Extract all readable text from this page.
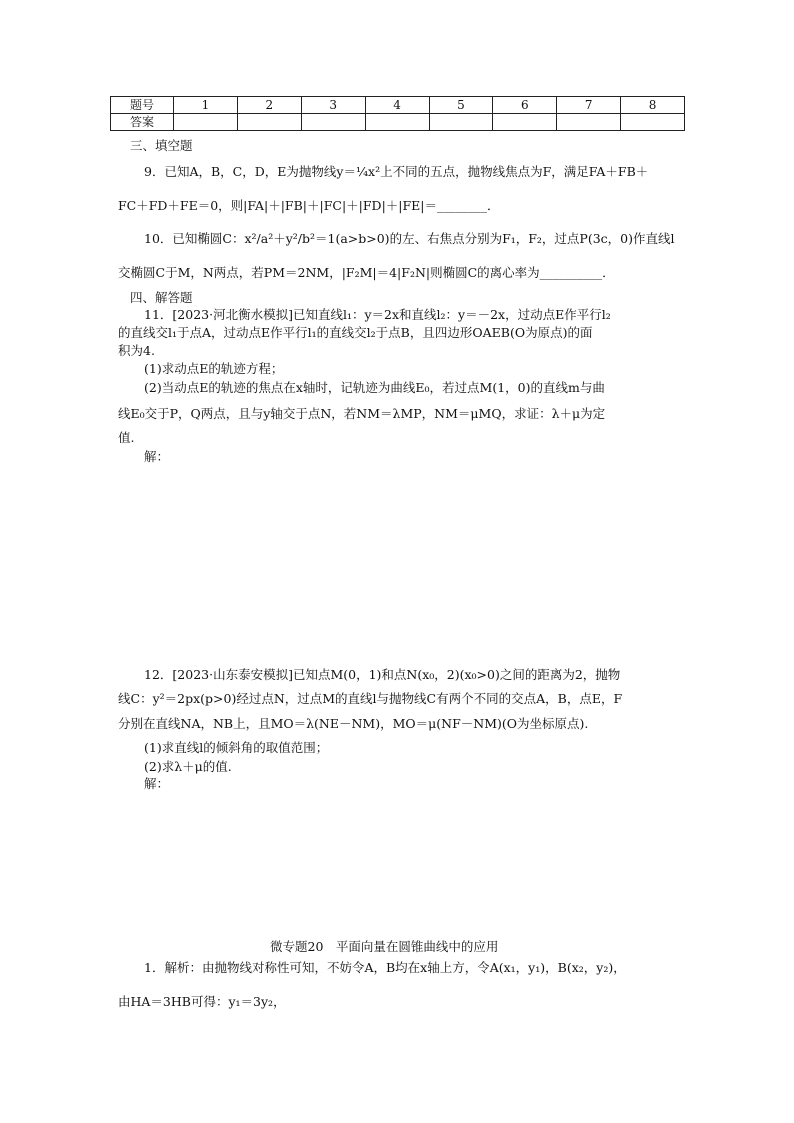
题号	1	2	3	4	5	6	7	8
答案								
三、填空题
9．已知A，B，C，D，E为抛物线y＝¼x²上不同的五点，抛物线焦点为F，满足FA＋FB＋
FC＋FD＋FE＝0，则|FA|＋|FB|＋|FC|＋|FD|＋|FE|＝________．
10．已知椭圆C：x²/a²＋y²/b²＝1(a>b>0)的左、右焦点分别为F₁，F₂，过点P(3c，0)作直线l
交椭圆C于M，N两点，若PM＝2NM，|F₂M|＝4|F₂N|则椭圆C的离心率为__________．
四、解答题
11．[2023·河北衡水模拟]已知直线l₁：y＝2x和直线l₂：y＝－2x，过动点E作平行l₂
的直线交l₁于点A，过动点E作平行l₁的直线交l₂于点B，且四边形OAEB(O为原点)的面
积为4.
(1)求动点E的轨迹方程；
(2)当动点E的轨迹的焦点在x轴时，记轨迹为曲线E₀，若过点M(1，0)的直线m与曲
线E₀交于P，Q两点，且与y轴交于点N，若NM＝λMP，NM＝μMQ，求证：λ＋μ为定
值.
解：
12．[2023·山东泰安模拟]已知点M(0，1)和点N(x₀，2)(x₀>0)之间的距离为2，抛物
线C：y²＝2px(p>0)经过点N，过点M的直线l与抛物线C有两个不同的交点A，B，点E，F
分别在直线NA，NB上，且MO＝λ(NE－NM)，MO＝μ(NF－NM)(O为坐标原点).
(1)求直线l的倾斜角的取值范围；
(2)求λ＋μ的值.
解：
微专题20　平面向量在圆锥曲线中的应用
1．解析：由抛物线对称性可知，不妨令A，B均在x轴上方，令A(x₁，y₁)，B(x₂，y₂)，
由HA＝3HB可得：y₁＝3y₂，
